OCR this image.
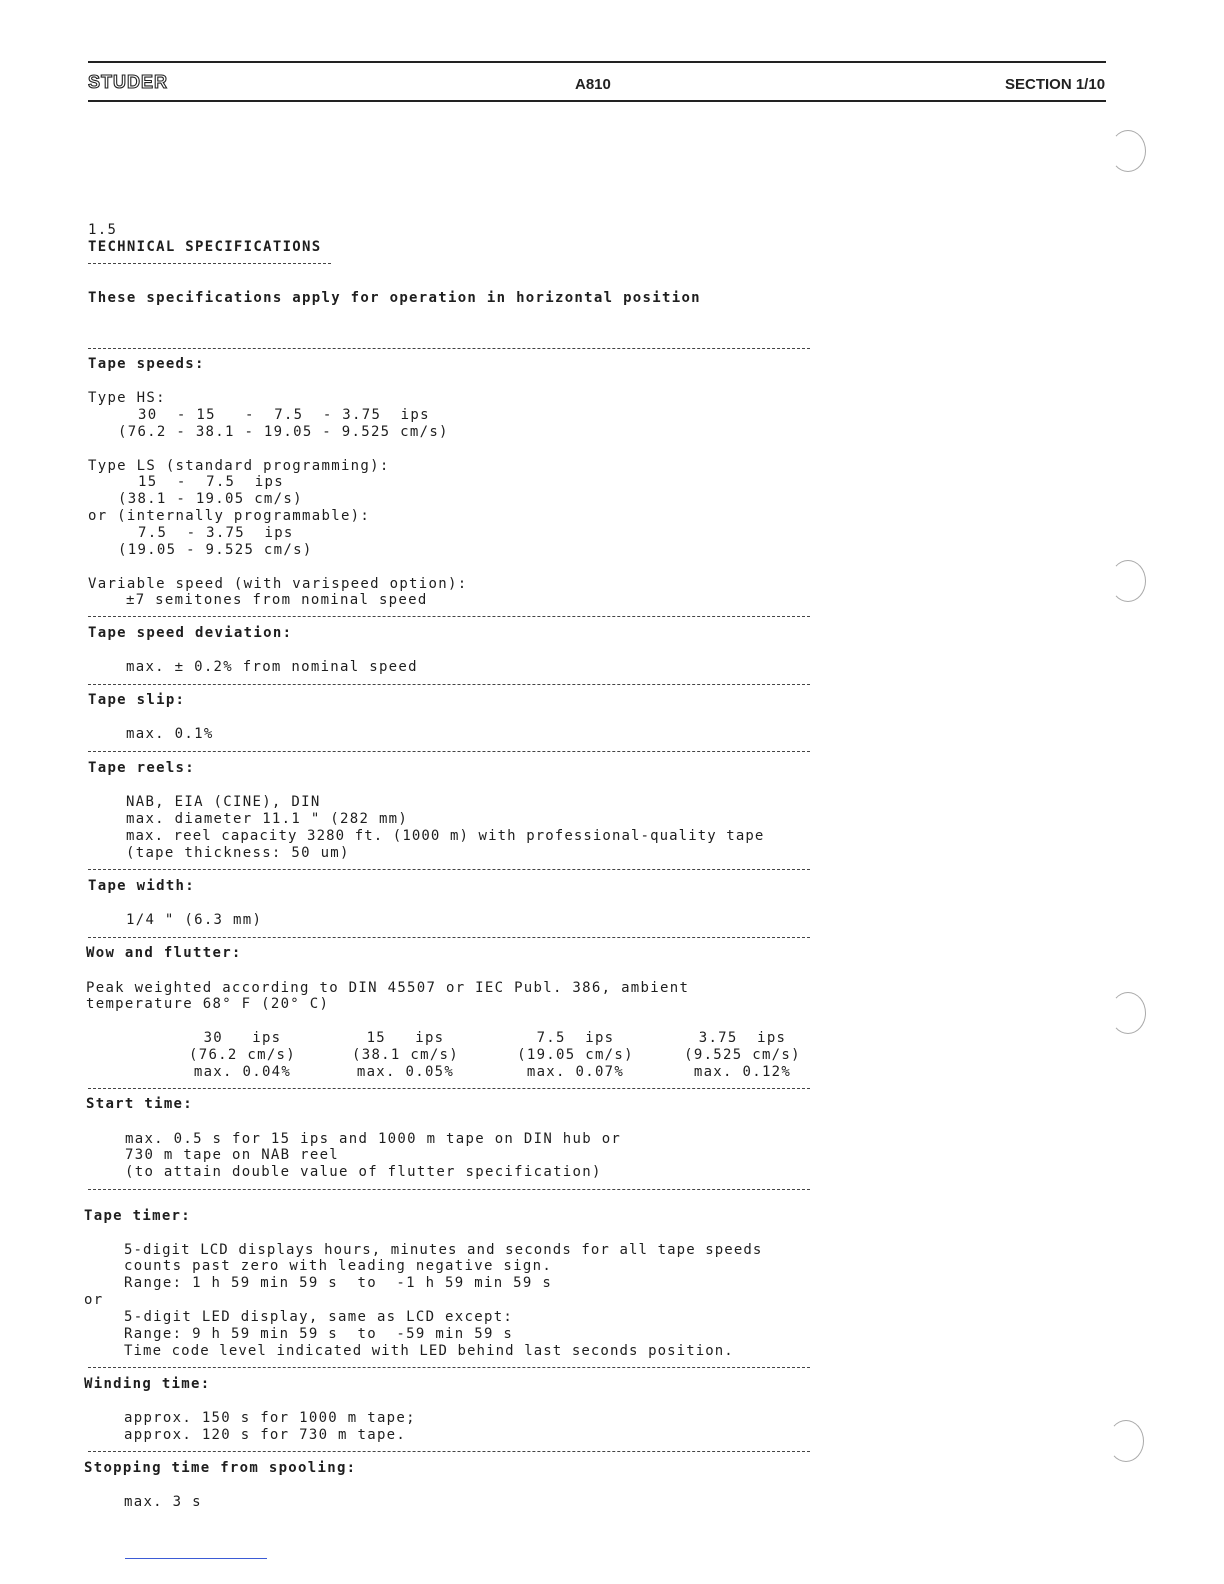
STUDER	A810	SECTION 1/10

1.5

TECHNICAL SPECIFICATIONS

These specifications apply for operation in horizontal position

Tape speeds:

Type HS:

30  - 15   -  7.5  - 3.75  ips

(76.2 - 38.1 - 19.05 - 9.525 cm/s)

Type LS (standard programming):

15  -  7.5  ips

(38.1 - 19.05 cm/s)

or (internally programmable):

7.5  - 3.75  ips

(19.05 - 9.525 cm/s)

Variable speed (with varispeed option):

±7 semitones from nominal speed

Tape speed deviation:

max. ± 0.2% from nominal speed

Tape slip:

max. 0.1%

Tape reels:

NAB, EIA (CINE), DIN

max. diameter 11.1 " (282 mm)

max. reel capacity 3280 ft. (1000 m) with professional-quality tape

(tape thickness: 50 um)

Tape width:

1/4 " (6.3 mm)

Wow and flutter:

Peak weighted according to DIN 45507 or IEC Publ. 386, ambient

temperature 68° F (20° C)

30   ips
(76.2 cm/s)
max. 0.04%
15   ips
(38.1 cm/s)
max. 0.05%
7.5  ips
(19.05 cm/s)
max. 0.07%
3.75  ips
(9.525 cm/s)
max. 0.12%

Start time:

max. 0.5 s for 15 ips and 1000 m tape on DIN hub or

730 m tape on NAB reel

(to attain double value of flutter specification)

Tape timer:

5-digit LCD displays hours, minutes and seconds for all tape speeds

counts past zero with leading negative sign.

Range: 1 h 59 min 59 s  to  -1 h 59 min 59 s

or

5-digit LED display, same as LCD except:

Range: 9 h 59 min 59 s  to  -59 min 59 s

Time code level indicated with LED behind last seconds position.

Winding time:

approx. 150 s for 1000 m tape;

approx. 120 s for 730 m tape.

Stopping time from spooling:

max. 3 s
